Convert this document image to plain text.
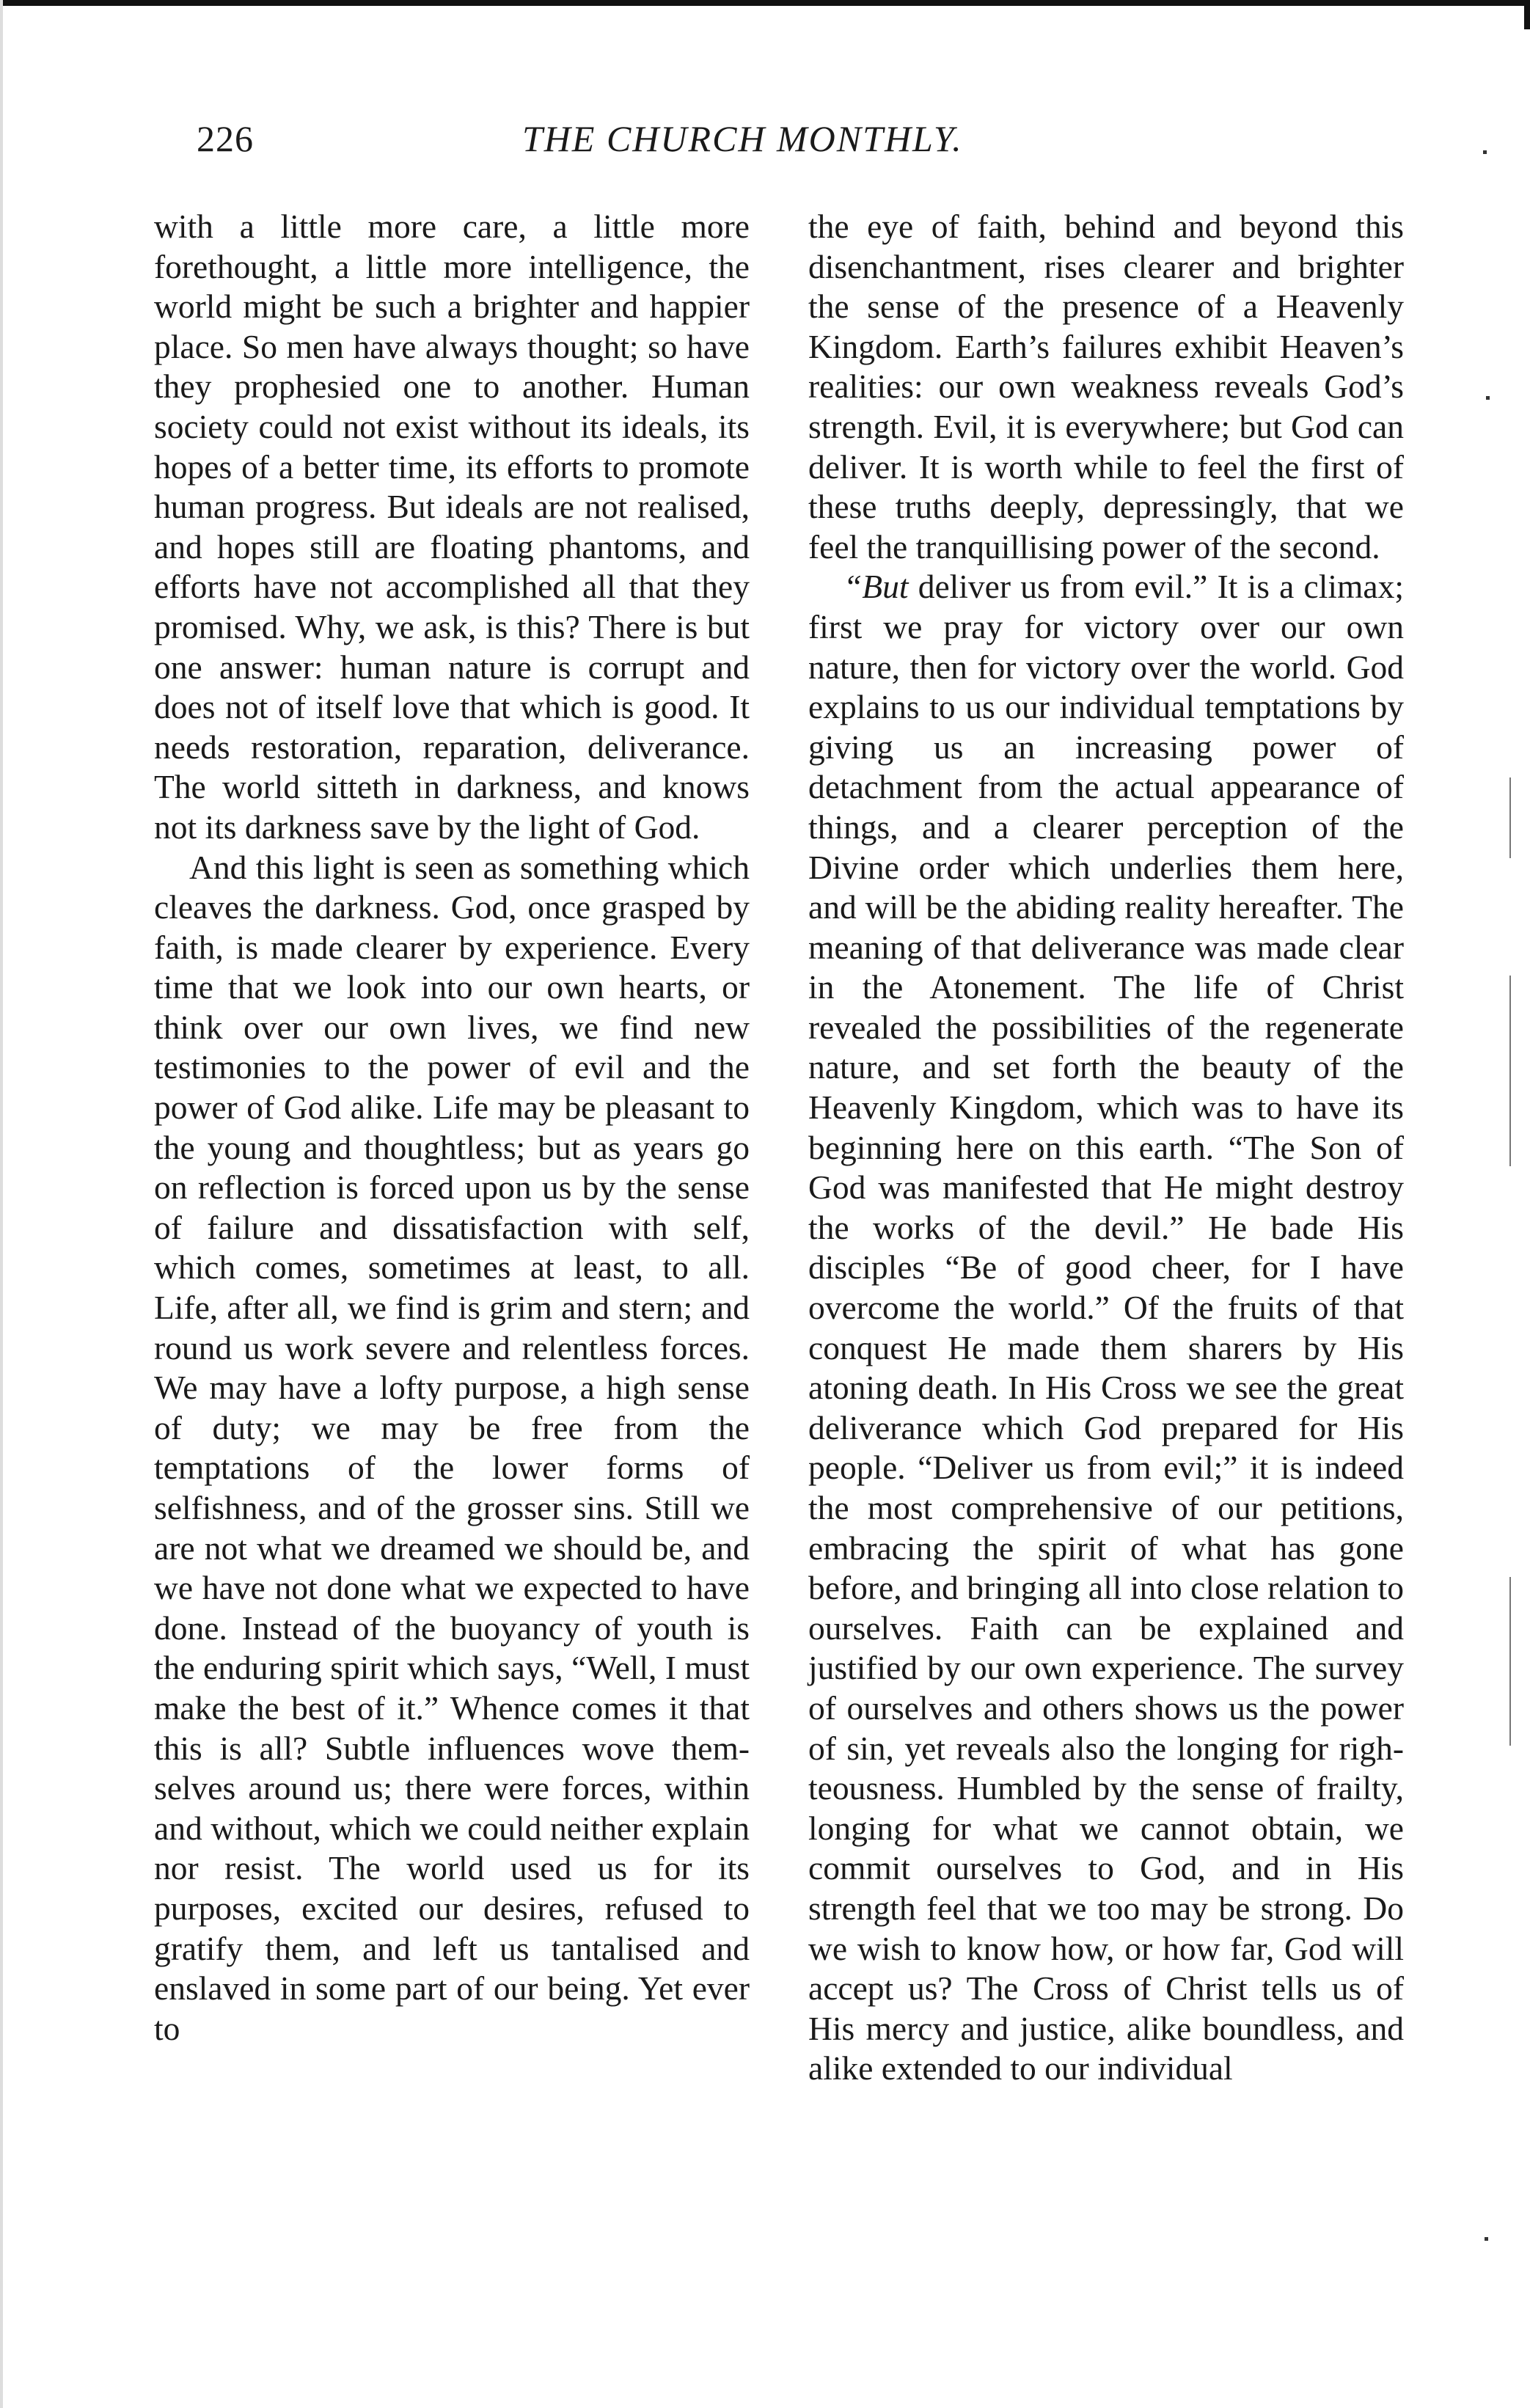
226	THE CHURCH MONTHLY.

with a little more care, a little more forethought, a little more intelligence, the world might be such a brighter and happier place. So men have always thought; so have they prophesied one to another. Human society could not exist without its ideals, its hopes of a better time, its efforts to promote human progress. But ideals are not realised, and hopes still are floating phantoms, and efforts have not accomplished all that they promised. Why, we ask, is this? There is but one answer: human nature is corrupt and does not of itself love that which is good. It needs restoration, reparation, deliverance. The world sitteth in darkness, and knows not its darkness save by the light of God.

And this light is seen as something which cleaves the darkness. God, once grasped by faith, is made clearer by experience. Every time that we look into our own hearts, or think over our own lives, we find new testimonies to the power of evil and the power of God alike. Life may be pleasant to the young and thoughtless; but as years go on reflection is forced upon us by the sense of failure and dissatisfaction with self, which comes, sometimes at least, to all. Life, after all, we find is grim and stern; and round us work severe and relentless forces. We may have a lofty purpose, a high sense of duty; we may be free from the temptations of the lower forms of selfishness, and of the grosser sins. Still we are not what we dreamed we should be, and we have not done what we expected to have done. Instead of the buoyancy of youth is the enduring spirit which says, “Well, I must make the best of it.” Whence comes it that this is all? Subtle influences wove themselves around us; there were forces, within and without, which we could neither explain nor resist. The world used us for its purposes, excited our desires, refused to gratify them, and left us tantalised and enslaved in some part of our being. Yet ever to

the eye of faith, behind and beyond this disenchantment, rises clearer and brighter the sense of the presence of a Heavenly Kingdom. Earth’s failures exhibit Heaven’s realities: our own weakness reveals God’s strength. Evil, it is everywhere; but God can deliver. It is worth while to feel the first of these truths deeply, depressingly, that we feel the tranquillising power of the second.

“But deliver us from evil.” It is a climax; first we pray for victory over our own nature, then for victory over the world. God explains to us our individual temptations by giving us an increasing power of detachment from the actual appearance of things, and a clearer perception of the Divine order which underlies them here, and will be the abiding reality hereafter. The meaning of that deliverance was made clear in the Atonement. The life of Christ revealed the possibilities of the regenerate nature, and set forth the beauty of the Heavenly Kingdom, which was to have its beginning here on this earth. “The Son of God was manifested that He might destroy the works of the devil.” He bade His disciples “Be of good cheer, for I have overcome the world.” Of the fruits of that conquest He made them sharers by His atoning death. In His Cross we see the great deliverance which God prepared for His people. “Deliver us from evil;” it is indeed the most comprehensive of our petitions, embracing the spirit of what has gone before, and bringing all into close relation to ourselves. Faith can be explained and justified by our own experience. The survey of ourselves and others shows us the power of sin, yet reveals also the longing for righteousness. Humbled by the sense of frailty, longing for what we cannot obtain, we commit ourselves to God, and in His strength feel that we too may be strong. Do we wish to know how, or how far, God will accept us? The Cross of Christ tells us of His mercy and justice, alike boundless, and alike extended to our individual
